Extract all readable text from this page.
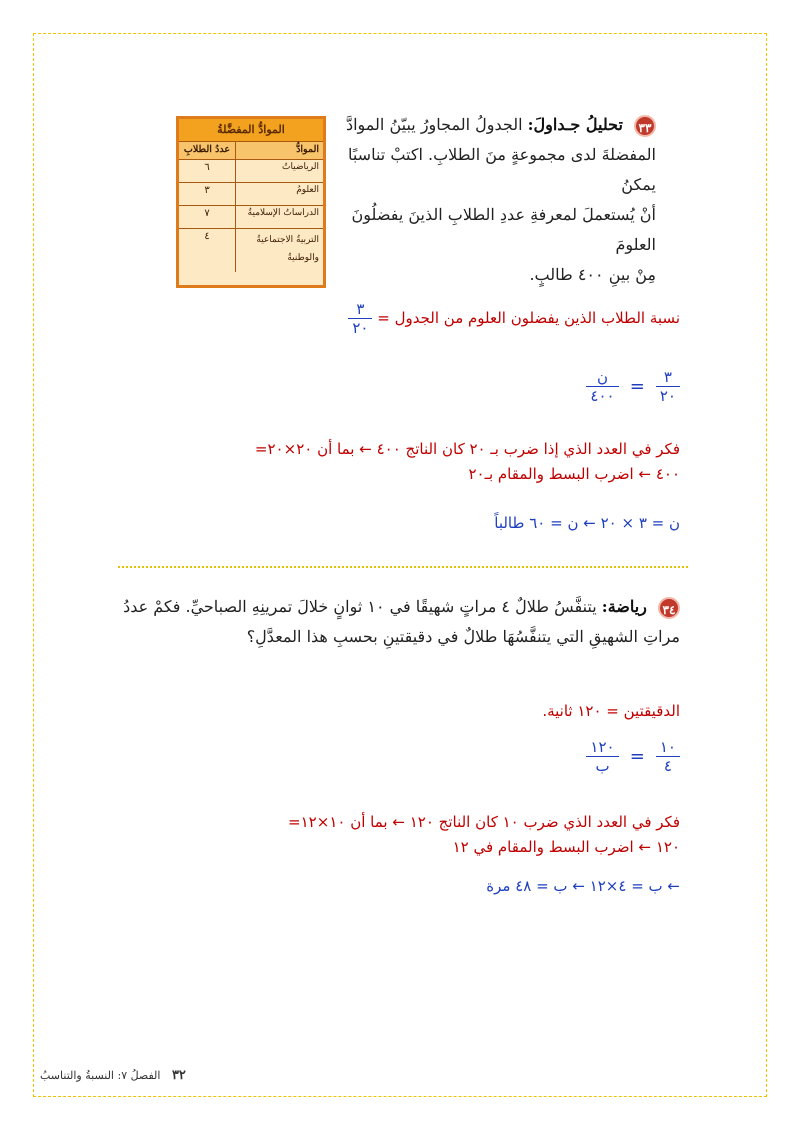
٣٣ تحليلُ جـداولَ: الجدولُ المجاورُ يبيّنُ الموادَّ
المفضلةَ لدى مجموعةٍ منَ الطلابِ. اكتبْ تناسبًا يمكنُ
أنْ يُستعملَ لمعرفةِ عددِ الطلابِ الذينَ يفضلُونَ العلومَ
مِنْ بينِ ٤٠٠ طالبٍ.
الموادُّ المفضَّلةُ
الموادُّ
عددُ الطلابِ
الرياضياتُ
٦
العلومُ
٣
الدراساتُ الإسلاميةُ
٧
التربيةُ الاجتماعيةُ والوطنيةُ
٤
نسبة الطلاب الذين يفضلون العلوم من الجدول =
$\frac{٣}{٢٠}$
$\frac{٣}{٢٠}$
=
$\frac{\text{ن}}{٤٠٠}$
فكر في العدد الذي إذا ضرب بـ ٢٠ كان الناتج ٤٠٠ ← بما أن ٢٠×٢٠=
٤٠٠ ← اضرب البسط والمقام بـ٢٠
ن = ٣ × ٢٠ ← ن = ٦٠ طالباً
٣٤ رياضة: يتنفَّسُ طلالٌ ٤ مراتٍ شهيقًا في ١٠ ثوانٍ خلالَ تمرينِهِ الصباحيِّ. فكمْ عددُ
مراتِ الشهيقِ التي يتنفَّسُهَا طلالٌ في دقيقتينِ بحسبِ هذا المعدَّلِ؟
الدقيقتين = ١٢٠ ثانية.
$\frac{١٠}{٤}$
=
$\frac{١٢٠}{\text{ب}}$
فكر في العدد الذي ضرب ١٠ كان الناتج ١٢٠ ← بما أن ١٠×١٢=
١٢٠ ← اضرب البسط والمقام في ١٢
← ب = ٤×١٢ ← ب = ٤٨ مرة
٣٢ الفصلُ ٧: النسبةُ والتناسبُ
